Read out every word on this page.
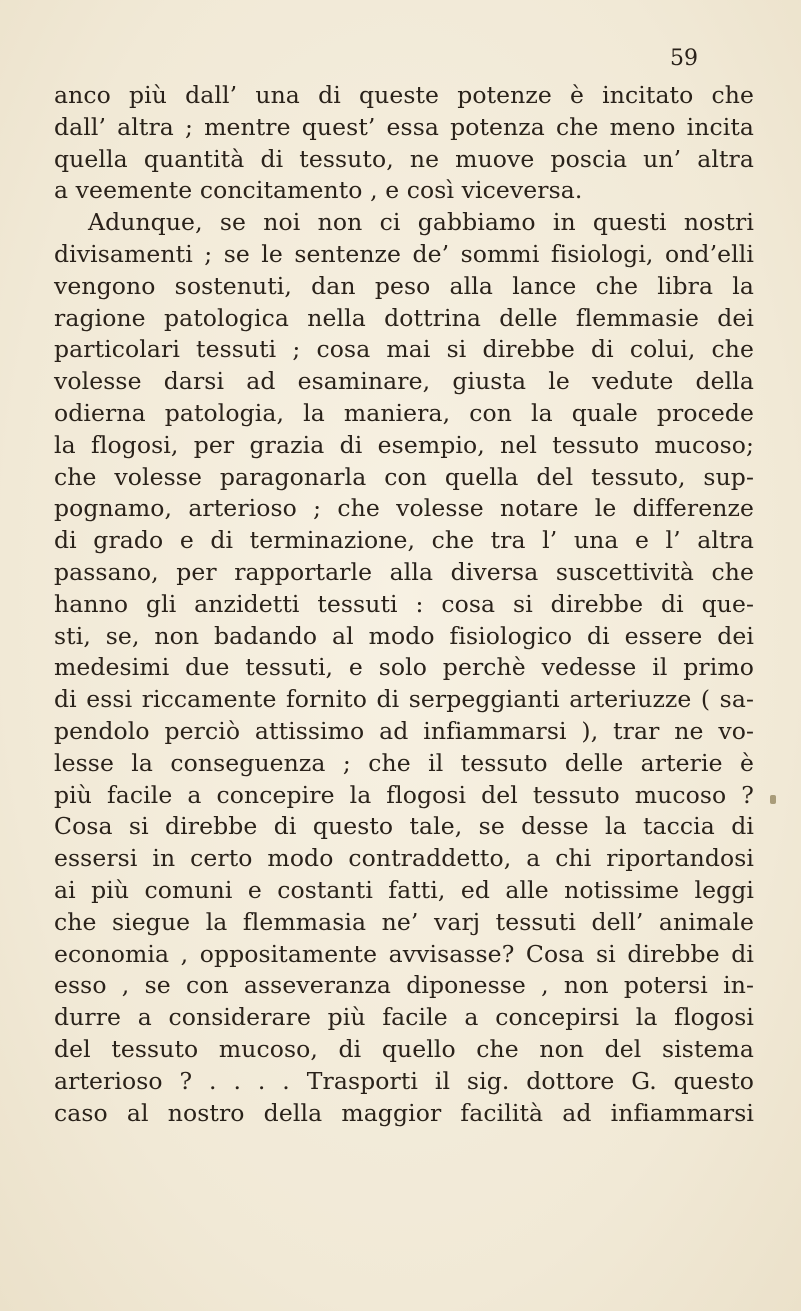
59
anco più dall’ una di queste potenze è incitato che
dall’ altra ; mentre quest’ essa potenza che meno incita
quella quantità di tessuto, ne muove poscia un’ altra
a veemente concitamento , e così viceversa.
Adunque, se noi non ci gabbiamo in questi nostri
divisamenti ; se le sentenze de’ sommi fisiologi, ond’elli
vengono sostenuti, dan peso alla lance che libra la
ragione patologica nella dottrina delle flemmasie dei
particolari tessuti ; cosa mai si direbbe di colui, che
volesse darsi ad esaminare, giusta le vedute della
odierna patologia, la maniera, con la quale procede
la flogosi, per grazia di esempio, nel tessuto mucoso;
che volesse paragonarla con quella del tessuto, sup-
pognamo, arterioso ; che volesse notare le differenze
di grado e di terminazione, che tra l’ una e l’ altra
passano, per rapportarle alla diversa suscettività che
hanno gli anzidetti tessuti : cosa si direbbe di que-
sti, se, non badando al modo fisiologico di essere dei
medesimi due tessuti, e solo perchè vedesse il primo
di essi riccamente fornito di serpeggianti arteriuzze ( sa-
pendolo perciò attissimo ad infiammarsi ), trar ne vo-
lesse la conseguenza ; che il tessuto delle arterie è
più facile a concepire la flogosi del tessuto mucoso ?
Cosa si direbbe di questo tale, se desse la taccia di
essersi in certo modo contraddetto, a chi riportandosi
ai più comuni e costanti fatti, ed alle notissime leggi
che siegue la flemmasia ne’ varj tessuti dell’ animale
economia , oppositamente avvisasse? Cosa si direbbe di
esso , se con asseveranza diponesse , non potersi in-
durre a considerare più facile a concepirsi la flogosi
del tessuto mucoso, di quello che non del sistema
arterioso ? . . . . Trasporti il sig. dottore G. questo
caso al nostro della maggior facilità ad infiammarsi
